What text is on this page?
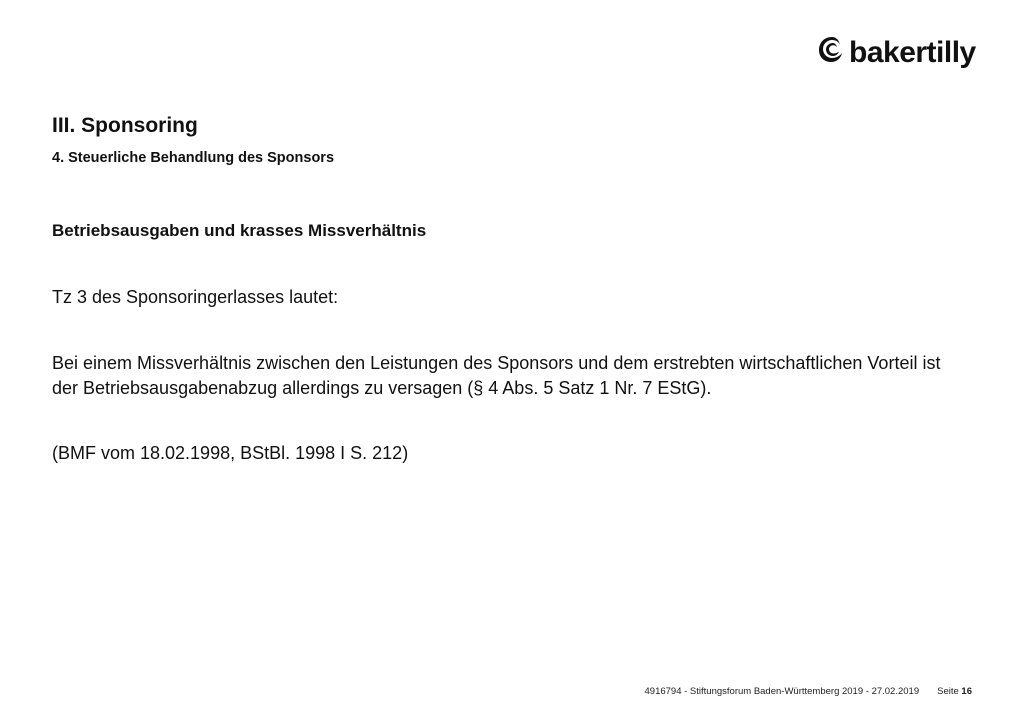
bakertilly
III. Sponsoring
4. Steuerliche Behandlung des Sponsors
Betriebsausgaben und krasses Missverhältnis

Tz 3 des Sponsoringerlasses lautet:

Bei einem Missverhältnis zwischen den Leistungen des Sponsors und dem erstrebten wirtschaftlichen Vorteil ist der Betriebsausgabenabzug allerdings zu versagen (§ 4 Abs. 5 Satz 1 Nr. 7 EStG).

(BMF vom 18.02.1998, BStBl. 1998 I S. 212)

4916794 - Stiftungsforum Baden-Württemberg 2019 - 27.02.2019 Seite 16
